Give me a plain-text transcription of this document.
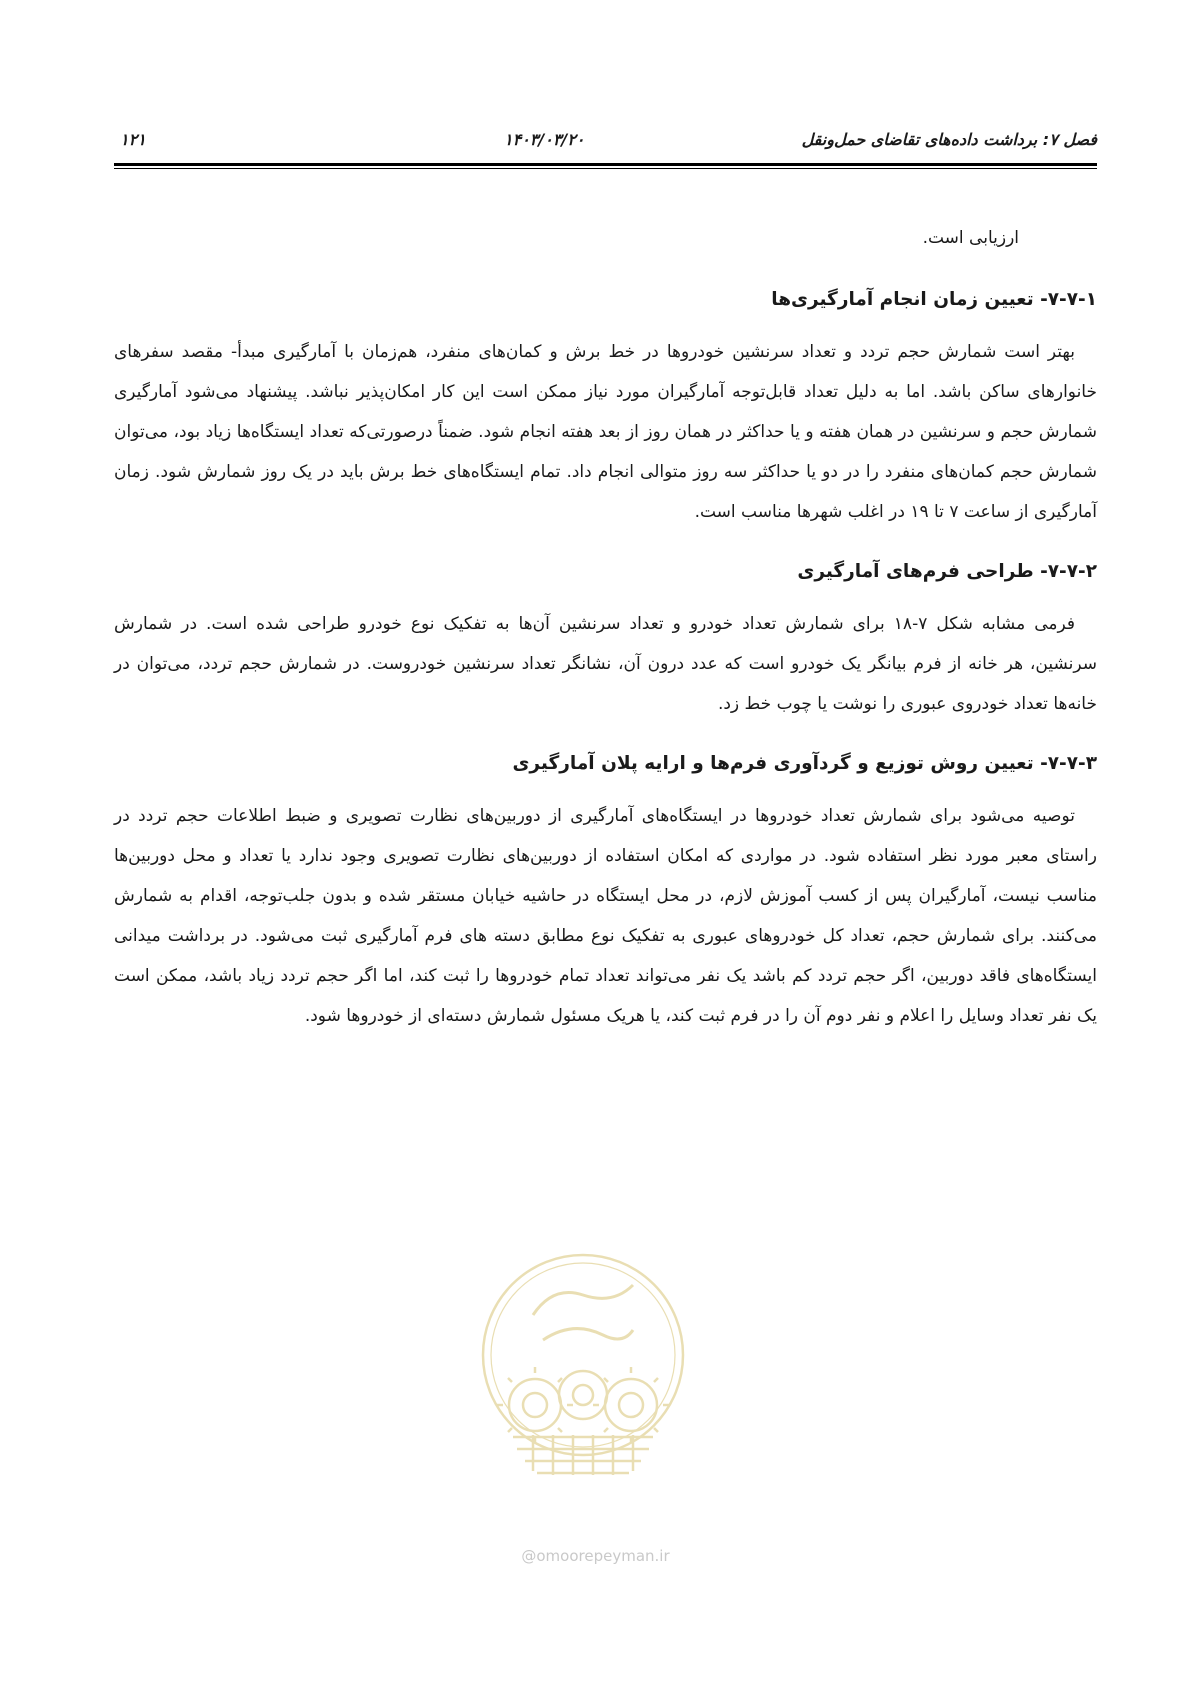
فصل ۷: برداشت داده‌های تقاضای حمل‌ونقل
۱۴۰۳/۰۳/۲۰
۱۲۱

ارزیابی است.

۷-۷-۱- تعیین زمان انجام آمارگیری‌ها

بهتر است شمارش حجم تردد و تعداد سرنشین خودروها در خط برش و کمان‌های منفرد، هم‌زمان با آمارگیری مبدأ- مقصد سفرهای خانوارهای ساکن باشد. اما به دلیل تعداد قابل‌توجه آمارگیران مورد نیاز ممکن است این کار امکان‌پذیر نباشد. پیشنهاد می‌شود آمارگیری شمارش حجم و سرنشین در همان هفته و یا حداکثر در همان روز از بعد هفته انجام شود. ضمناً درصورتی‌که تعداد ایستگاه‌ها زیاد بود، می‌توان شمارش حجم کمان‌های منفرد را در دو یا حداکثر سه روز متوالی انجام داد. تمام ایستگاه‌های خط برش باید در یک روز شمارش شود. زمان آمارگیری از ساعت ۷ تا ۱۹ در اغلب شهرها مناسب است.

۷-۷-۲- طراحی فرم‌های آمارگیری

فرمی مشابه شکل ۷-۱۸ برای شمارش تعداد خودرو و تعداد سرنشین آن‌ها به تفکیک نوع خودرو طراحی شده است. در شمارش سرنشین، هر خانه از فرم بیانگر یک خودرو است که عدد درون آن، نشانگر تعداد سرنشین خودروست. در شمارش حجم تردد، می‌توان در خانه‌ها تعداد خودروی عبوری را نوشت یا چوب خط زد.

۷-۷-۳- تعیین روش توزیع و گردآوری فرم‌ها و ارایه پلان آمارگیری

توصیه می‌شود برای شمارش تعداد خودروها در ایستگاه‌های آمارگیری از دوربین‌های نظارت تصویری و ضبط اطلاعات حجم تردد در راستای معبر مورد نظر استفاده شود. در مواردی که امکان استفاده از دوربین‌های نظارت تصویری وجود ندارد یا تعداد و محل دوربین‌ها مناسب نیست، آمارگیران پس از کسب آموزش لازم، در محل ایستگاه در حاشیه خیابان مستقر شده و بدون جلب‌توجه، اقدام به شمارش می‌کنند. برای شمارش حجم، تعداد کل خودروهای عبوری به تفکیک نوع مطابق دسته های فرم آمارگیری ثبت می‌شود. در برداشت میدانی ایستگاه‌های فاقد دوربین، اگر حجم تردد کم باشد یک نفر می‌تواند تعداد تمام خودروها را ثبت کند، اما اگر حجم تردد زیاد باشد، ممکن است یک نفر تعداد وسایل را اعلام و نفر دوم آن را در فرم ثبت کند، یا هریک مسئول شمارش دسته‌ای از خودروها شود.

@omoorepeyman.ir
